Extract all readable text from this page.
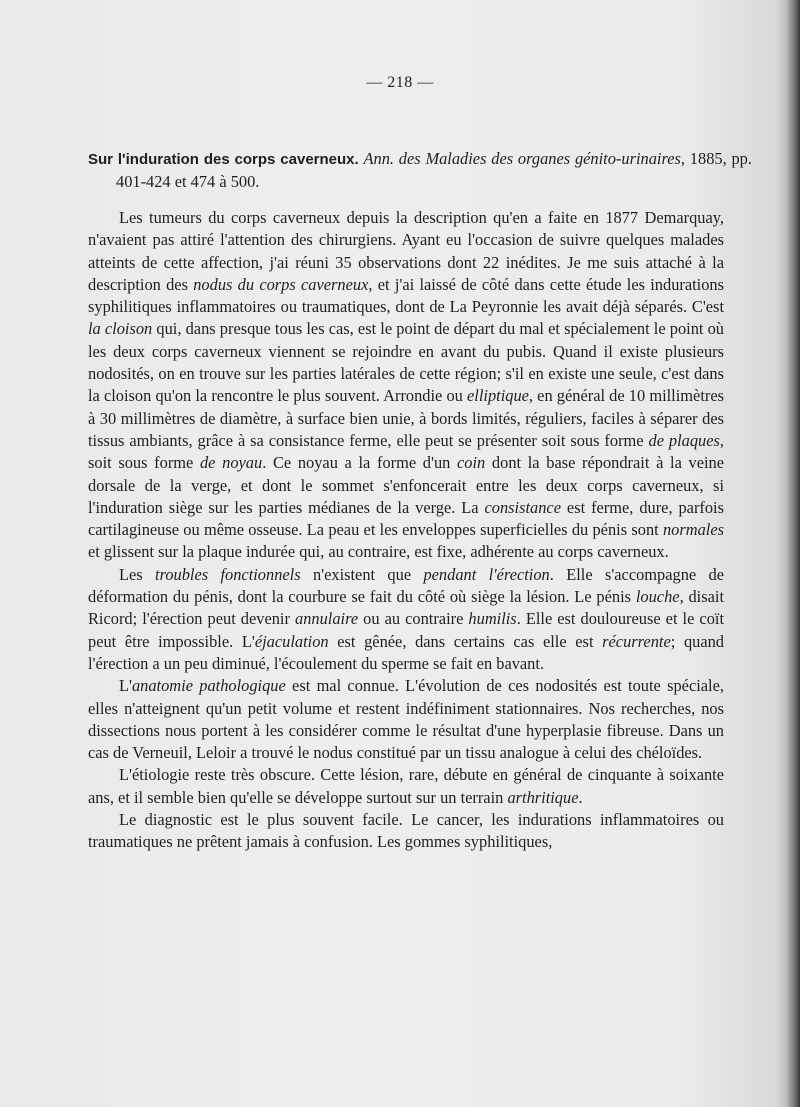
— 218 —
Sur l'induration des corps caverneux. Ann. des Maladies des organes génito-urinaires, 1885, pp. 401-424 et 474 à 500.

Les tumeurs du corps caverneux depuis la description qu'en a faite en 1877 Demarquay, n'avaient pas attiré l'attention des chirurgiens. Ayant eu l'occasion de suivre quelques malades atteints de cette affection, j'ai réuni 35 observations dont 22 inédites. Je me suis attaché à la description des nodus du corps caverneux, et j'ai laissé de côté dans cette étude les indurations syphilitiques inflammatoires ou traumatiques, dont de La Peyronnie les avait déjà séparés. C'est la cloison qui, dans presque tous les cas, est le point de départ du mal et spécialement le point où les deux corps caverneux viennent se rejoindre en avant du pubis. Quand il existe plusieurs nodosités, on en trouve sur les parties latérales de cette région; s'il en existe une seule, c'est dans la cloison qu'on la rencontre le plus souvent. Arrondie ou elliptique, en général de 10 millimètres à 30 millimètres de diamètre, à surface bien unie, à bords limités, réguliers, faciles à séparer des tissus ambiants, grâce à sa consistance ferme, elle peut se présenter soit sous forme de plaques, soit sous forme de noyau. Ce noyau a la forme d'un coin dont la base répondrait à la veine dorsale de la verge, et dont le sommet s'enfoncerait entre les deux corps caverneux, si l'induration siège sur les parties médianes de la verge. La consistance est ferme, dure, parfois cartilagineuse ou même osseuse. La peau et les enveloppes superficielles du pénis sont normales et glissent sur la plaque indurée qui, au contraire, est fixe, adhérente au corps caverneux.

Les troubles fonctionnels n'existent que pendant l'érection. Elle s'accompagne de déformation du pénis, dont la courbure se fait du côté où siège la lésion. Le pénis louche, disait Ricord; l'érection peut devenir annulaire ou au contraire humilis. Elle est douloureuse et le coït peut être impossible. L'éjaculation est gênée, dans certains cas elle est récurrente; quand l'érection a un peu diminué, l'écoulement du sperme se fait en bavant.

L'anatomie pathologique est mal connue. L'évolution de ces nodosités est toute spéciale, elles n'atteignent qu'un petit volume et restent indéfiniment stationnaires. Nos recherches, nos dissections nous portent à les considérer comme le résultat d'une hyperplasie fibreuse. Dans un cas de Verneuil, Leloir a trouvé le nodus constitué par un tissu analogue à celui des chéloïdes.

L'étiologie reste très obscure. Cette lésion, rare, débute en général de cinquante à soixante ans, et il semble bien qu'elle se développe surtout sur un terrain arthritique.

Le diagnostic est le plus souvent facile. Le cancer, les indurations inflammatoires ou traumatiques ne prêtent jamais à confusion. Les gommes syphilitiques,
